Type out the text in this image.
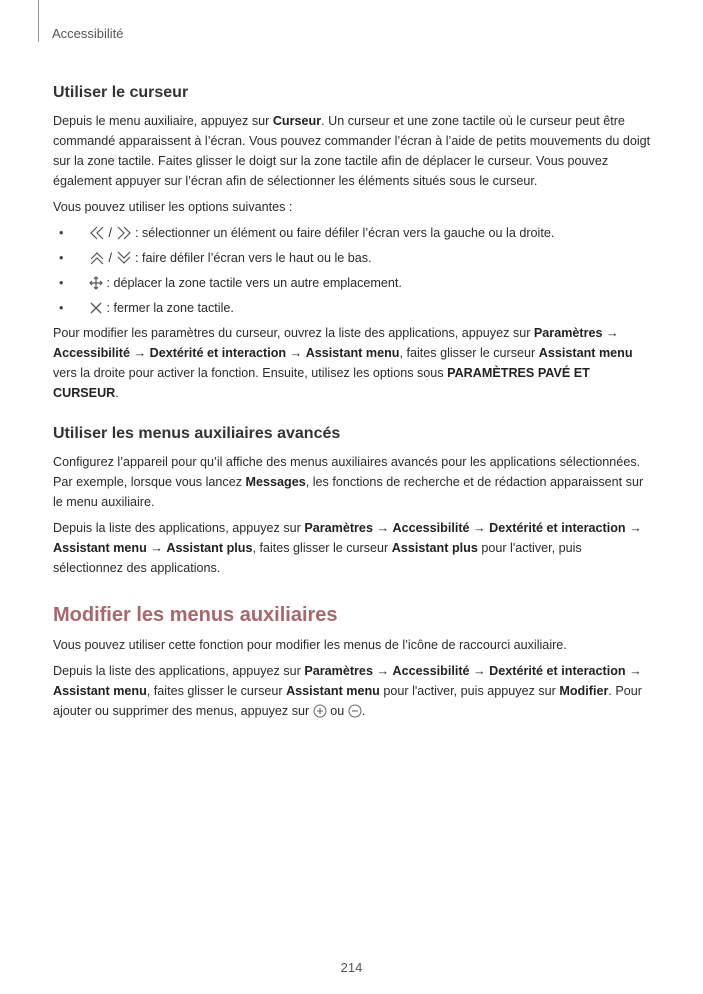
Accessibilité
Utiliser le curseur

Depuis le menu auxiliaire, appuyez sur Curseur. Un curseur et une zone tactile où le curseur peut être commandé apparaissent à l’écran. Vous pouvez commander l’écran à l’aide de petits mouvements du doigt sur la zone tactile. Faites glisser le doigt sur la zone tactile afin de déplacer le curseur. Vous pouvez également appuyer sur l’écran afin de sélectionner les éléments situés sous le curseur.

Vous pouvez utiliser les options suivantes :

•	/
: sélectionner un élément ou faire défiler l’écran vers la gauche ou la droite.
•	/
: faire défiler l’écran vers le haut ou le bas.
•	: déplacer la zone tactile vers un autre emplacement.
•	: fermer la zone tactile.

Pour modifier les paramètres du curseur, ouvrez la liste des applications, appuyez sur Paramètres → Accessibilité → Dextérité et interaction → Assistant menu, faites glisser le curseur Assistant menu vers la droite pour activer la fonction. Ensuite, utilisez les options sous PARAMÈTRES PAVÉ ET CURSEUR.

Utiliser les menus auxiliaires avancés

Configurez l’appareil pour qu’il affiche des menus auxiliaires avancés pour les applications sélectionnées. Par exemple, lorsque vous lancez Messages, les fonctions de recherche et de rédaction apparaissent sur le menu auxiliaire.

Depuis la liste des applications, appuyez sur Paramètres → Accessibilité → Dextérité et interaction → Assistant menu → Assistant plus, faites glisser le curseur Assistant plus pour l'activer, puis sélectionnez des applications.

Modifier les menus auxiliaires

Vous pouvez utiliser cette fonction pour modifier les menus de l’icône de raccourci auxiliaire.

Depuis la liste des applications, appuyez sur Paramètres → Accessibilité → Dextérité et interaction → Assistant menu, faites glisser le curseur Assistant menu pour l'activer, puis appuyez sur Modifier. Pour ajouter ou supprimer des menus, appuyez sur
ou
.

214
